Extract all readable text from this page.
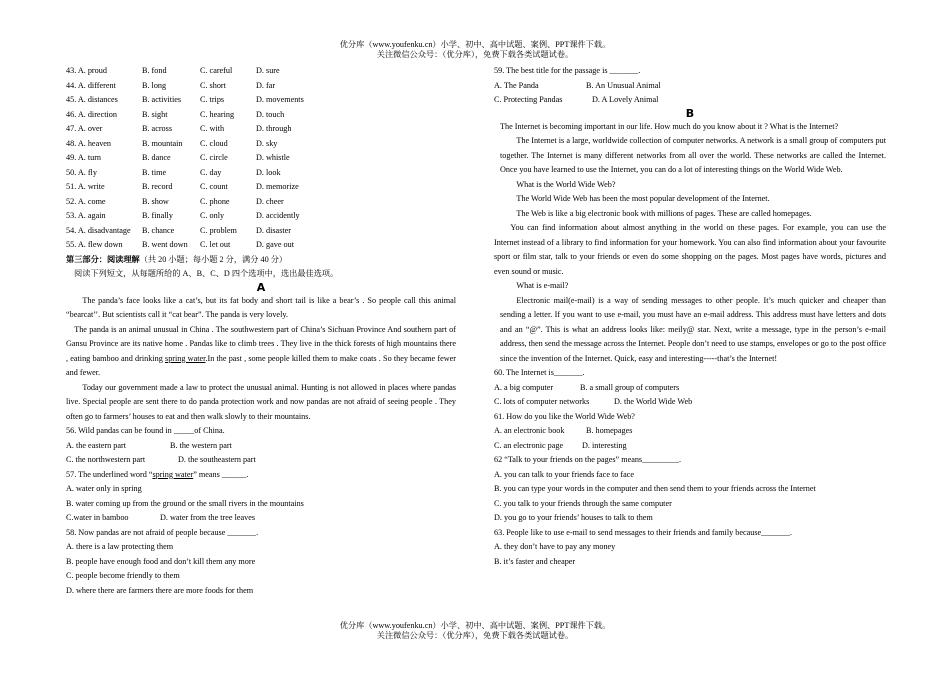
优分库（www.youfenku.cn）小学、初中、高中试题、案例、PPT课件下载。
关注微信公众号：（优分库），免费下载各类试题试卷。
43. A. proud	B. fond	C. careful	D. sure
44. A. different	B. long	C. short	D. far
45. A. distances	B. activities C. trips	D. movements
46. A. direction	B. sight	C. hearing	D. touch
47. A. over	B. across	C. with	D. through
48. A. heaven	B. mountain C. cloud	D. sky
49. A. turn	B. dance	C. circle	D. whistle
50. A. fly	B. time	C. day	D. look
51. A. write	B. record	C. count	D. memorize
52. A. come	B. show	C. phone	D. cheer
53. A. again	B. finally	C. only	D. accidently
54. A. disadvantage B. chance	C. problem D. disaster
55. A. flew down B. went down C. let out	D. gave out
第三部分：阅读理解（共 20 小题；每小题 2 分，满分 40 分）
阅读下列短文，从每题所给的 A、B、C、D 四个选项中，选出最佳选项。
A
The panda’s face looks like a cat’s, but its fat body and short tail is like a bear’s . So people call this animal “bearcat’’. But scientists call it “cat bear”. The panda is very lovely.
The panda is an animal unusual in China . The southwestern part of China’s Sichuan Province And southern part of Gansu Province are its native home . Pandas like to climb trees . They live in the thick forests of high mountains there , eating bamboo and drinking spring water.In the past , some people killed them to make coats . So they became fewer and fewer.
Today our government made a law to protect the unusual animal. Hunting is not allowed in places where pandas live. Special people are sent there to do panda protection work and now pandas are not afraid of seeing people . They often go to farmers’ houses to eat and then walk slowly to their mountains.
56. Wild pandas can be found in _____of China.
A. the eastern part	B. the western part
C. the northwestern part	D. the southeastern part
57. The underlined word “spring water” means ______.
A. water only in spring
B. water coming up from the ground or the small rivers in the mountains
C.water in bamboo	D. water from the tree leaves
58. Now pandas are not afraid of people because _______.
A. there is a law protecting them
B. people have enough food and don’t kill them any more
C. people become friendly to them
D. where there are farmers there are more foods for them
59. The best title for the passage is _______.
A. The Panda	B. An Unusual Animal
C. Protecting Pandas	D. A Lovely Animal
B
The Internet is becoming important in our life. How much do you know about it ? What is the Internet?
The Internet is a large, worldwide collection of computer networks. A network is a small group of computers put together. The Internet is many different networks from all over the world. These networks are called the Internet. Once you have learned to use the Internet, you can do a lot of interesting things on the World Wide Web.
What is the World Wide Web?
The World Wide Web has been the most popular development of the Internet.
The Web is like a big electronic book with millions of pages. These are called homepages.
You can find information about almost anything in the world on these pages. For example, you can use the Internet instead of a library to find information for your homework. You can also find information about your favourite sport or film star, talk to your friends or even do some shopping on the pages. Most pages have words, pictures and even sound or music.
What is e-mail?
Electronic mail(e-mail) is a way of sending messages to other people. It’s much quicker and cheaper than sending a letter. If you want to use e-mail, you must have an e-mail address. This address must have letters and dots and an “@”. This is what an address looks like: meily@ star. Next, write a message, type in the person’s e-mail address, then send the message across the Internet. People don’t need to use stamps, envelopes or go to the post office since the invention of the Internet. Quick, easy and interesting-----that’s the Internet!
60. The Internet is_______.
A. a big computer	B. a small group of computers
C. lots of computer networks	D. the World Wide Web
61. How do you like the World Wide Web?
A. an electronic book	B. homepages
C. an electronic page D. interesting
62 “Talk to your friends on the pages” means_________.
A. you can talk to your friends face to face
B. you can type your words in the computer and then send them to your friends across the Internet
C. you talk to your friends through the same computer
D. you go to your friends’ houses to talk to them
63. People like to use e-mail to send messages to their friends and family because_______.
A. they don’t have to pay any money
B. it’s faster and cheaper
优分库（www.youfenku.cn）小学、初中、高中试题、案例、PPT课件下载。
关注微信公众号：（优分库），免费下载各类试题试卷。
